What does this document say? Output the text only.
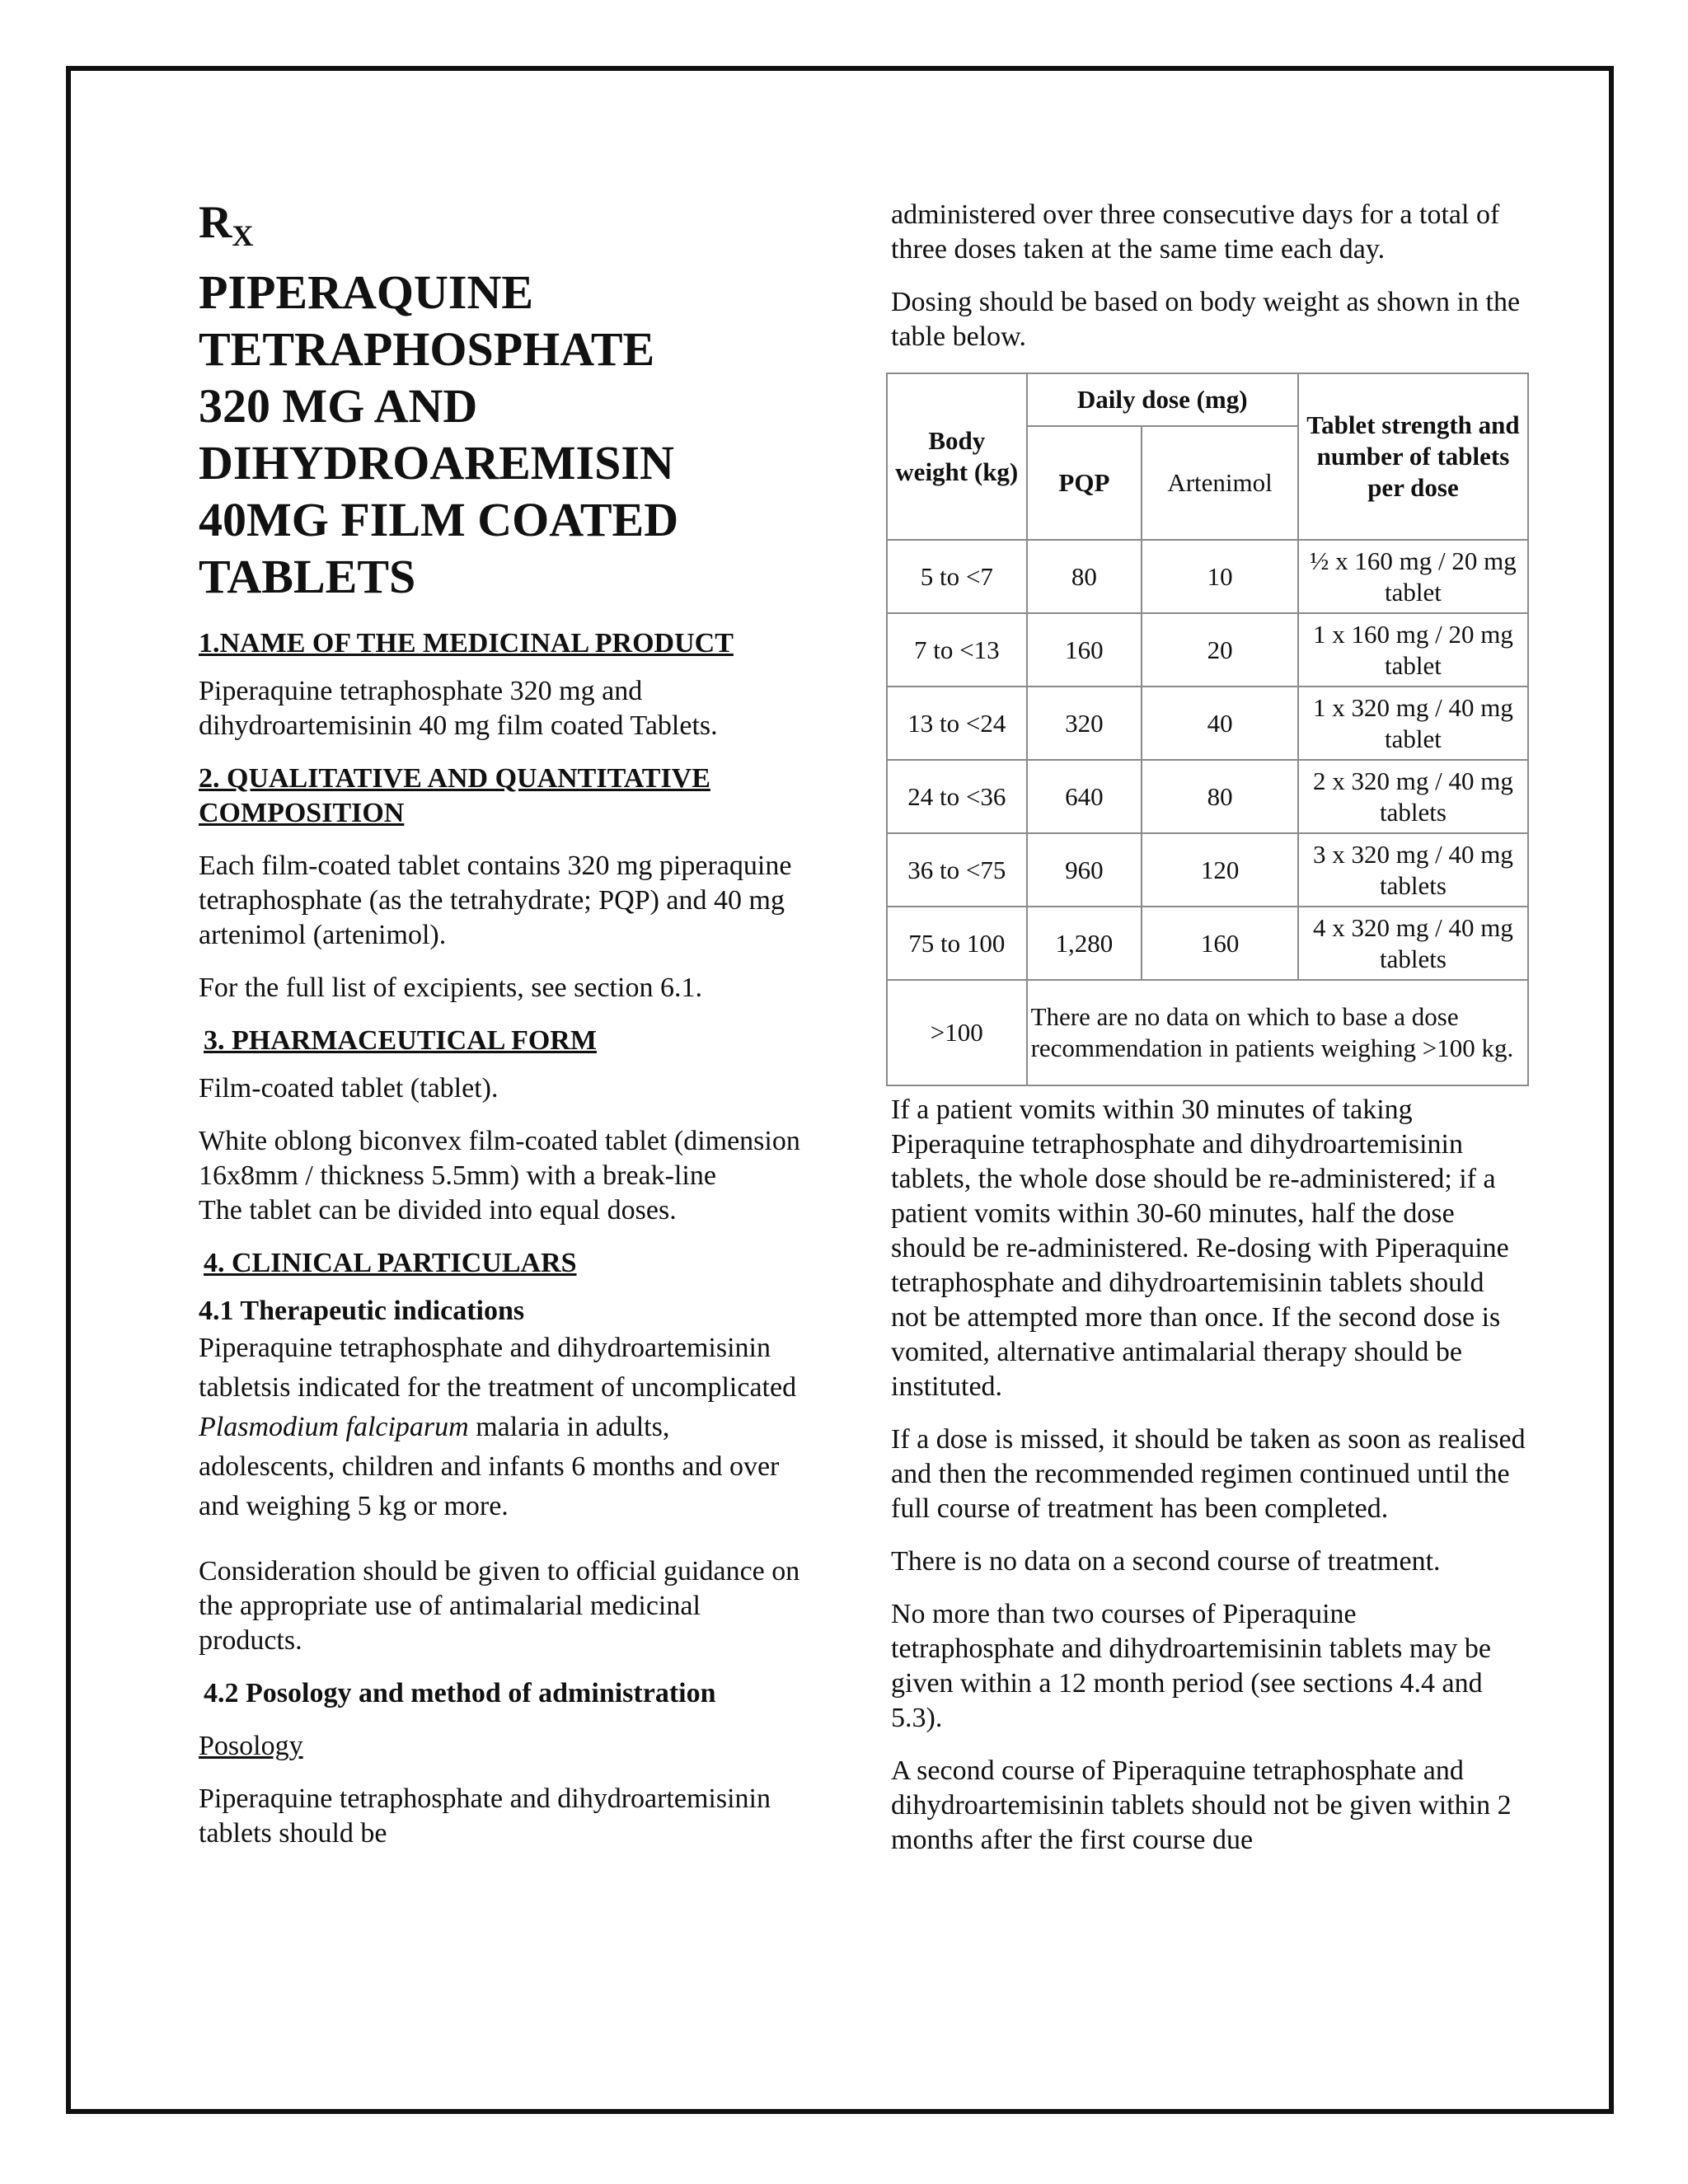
$R_X$
PIPERAQUINE
TETRAPHOSPHATE
320 MG AND
DIHYDROAREMISIN
40MG FILM COATED
TABLETS
1.NAME OF THE MEDICINAL PRODUCT

Piperaquine tetraphosphate 320 mg and dihydroartemisinin 40 mg film coated Tablets.

2. QUALITATIVE AND QUANTITATIVE COMPOSITION

Each film-coated tablet contains 320 mg piperaquine tetraphosphate (as the tetrahydrate; PQP) and 40 mg artenimol (artenimol).

For the full list of excipients, see section 6.1.

3. PHARMACEUTICAL FORM

Film-coated tablet (tablet).

White oblong biconvex film-coated tablet (dimension 16x8mm / thickness 5.5mm) with a break-line

The tablet can be divided into equal doses.

4. CLINICAL PARTICULARS
4.1 Therapeutic indications

Piperaquine tetraphosphate and dihydroartemisinin tabletsis indicated for the treatment of uncomplicated Plasmodium falciparum malaria in adults, adolescents, children and infants 6 months and over and weighing 5 kg or more.

Consideration should be given to official guidance on the appropriate use of antimalarial medicinal products.

4.2 Posology and method of administration

Posology

Piperaquine tetraphosphate and dihydroartemisinin tablets should be

administered over three consecutive days for a total of three doses taken at the same time each day.

Dosing should be based on body weight as shown in the table below.

Body weight (kg)	Daily dose (mg)		Tablet strength and number of tablets per dose
	PQP	Artenimol	
5 to <7	80	10	½ x 160 mg / 20 mg tablet
7 to <13	160	20	1 x 160 mg / 20 mg tablet
13 to <24	320	40	1 x 320 mg / 40 mg tablet
24 to <36	640	80	2 x 320 mg / 40 mg tablets
36 to <75	960	120	3 x 320 mg / 40 mg tablets
75 to 100	1,280	160	4 x 320 mg / 40 mg tablets
>100	There are no data on which to base a dose recommendation in patients weighing >100 kg.		

If a patient vomits within 30 minutes of taking Piperaquine tetraphosphate and dihydroartemisinin tablets, the whole dose should be re-administered; if a patient vomits within 30-60 minutes, half the dose should be re-administered. Re-dosing with Piperaquine tetraphosphate and dihydroartemisinin tablets should not be attempted more than once. If the second dose is vomited, alternative antimalarial therapy should be instituted.

If a dose is missed, it should be taken as soon as realised and then the recommended regimen continued until the full course of treatment has been completed.

There is no data on a second course of treatment.

No more than two courses of Piperaquine tetraphosphate and dihydroartemisinin tablets may be given within a 12 month period (see sections 4.4 and 5.3).

A second course of Piperaquine tetraphosphate and dihydroartemisinin tablets should not be given within 2 months after the first course due
